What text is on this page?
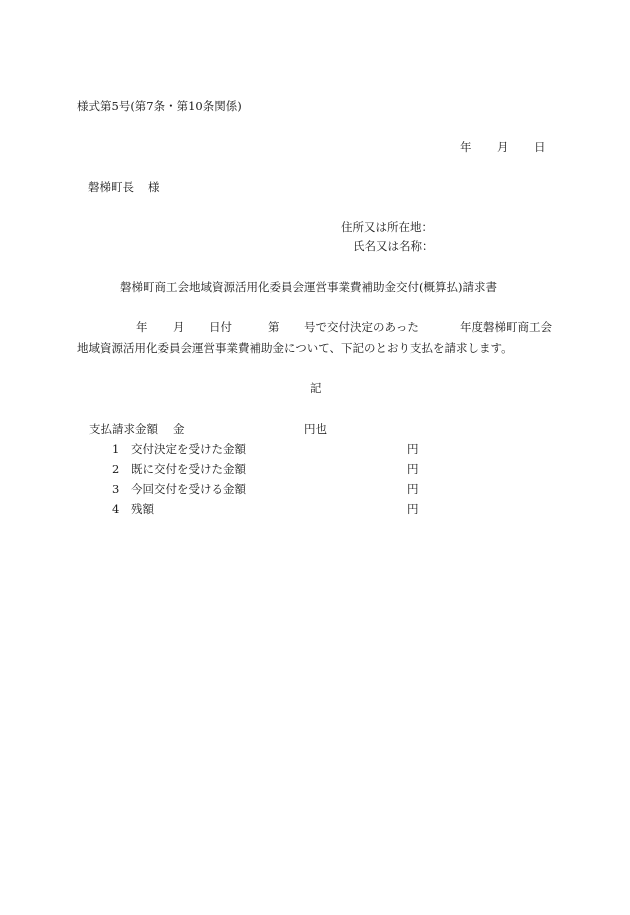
様式第5号(第7条・第10条関係)
年 月 日
磐梯町長 様
住所又は所在地：
氏名又は名称：
磐梯町商工会地域資源活用化委員会運営事業費補助金交付(概算払)請求書
年 月 日付	第 号で交付決定のあった	年度磐梯町商工会
地域資源活用化委員会運営事業費補助金について、下記のとおり支払を請求します。
記
支払請求金額 金	円也
1 交付決定を受けた金額	円
2 既に交付を受けた金額	円
3 今回交付を受ける金額	円
4 残額	円
